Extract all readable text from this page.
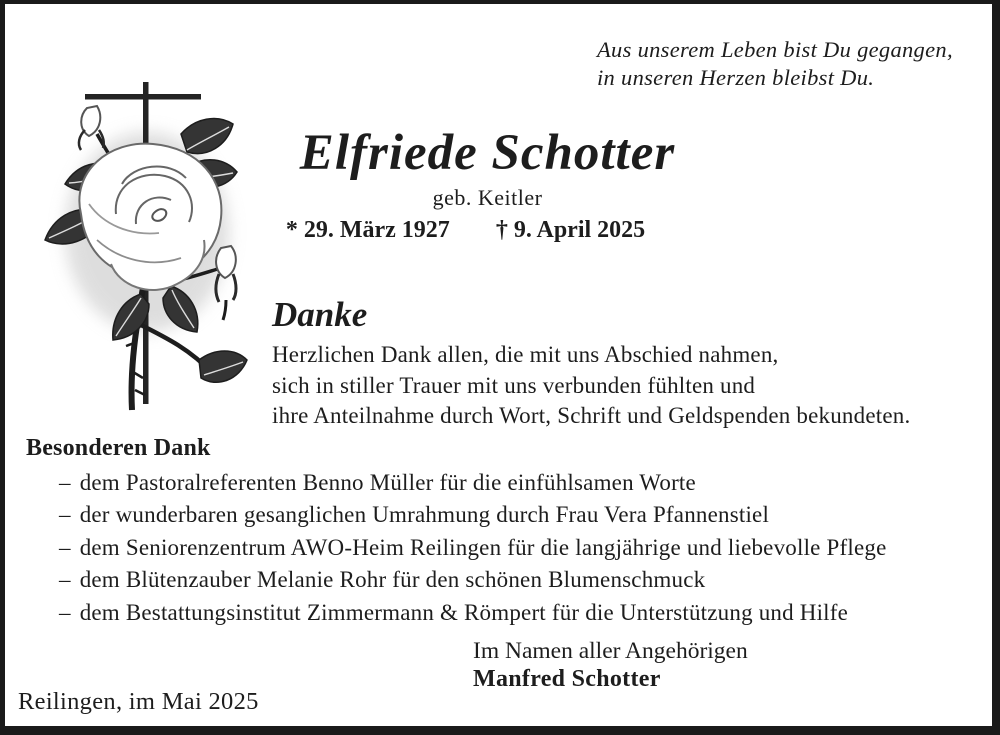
Aus unserem Leben bist Du gegangen,
in unseren Herzen bleibst Du.
Elfriede Schotter
geb. Keitler
* 29. März 1927 † 9. April 2025
Danke
Herzlichen Dank allen, die mit uns Abschied nahmen,
sich in stiller Trauer mit uns verbunden fühlten und
ihre Anteilnahme durch Wort, Schrift und Geldspenden bekundeten.
Besonderen Dank
– dem Pastoralreferenten Benno Müller für die einfühlsamen Worte
– der wunderbaren gesanglichen Umrahmung durch Frau Vera Pfannenstiel
– dem Seniorenzentrum AWO-Heim Reilingen für die langjährige und liebevolle Pflege
– dem Blütenzauber Melanie Rohr für den schönen Blumenschmuck
– dem Bestattungsinstitut Zimmermann & Römpert für die Unterstützung und Hilfe
Im Namen aller Angehörigen
Manfred Schotter
Reilingen, im Mai 2025
